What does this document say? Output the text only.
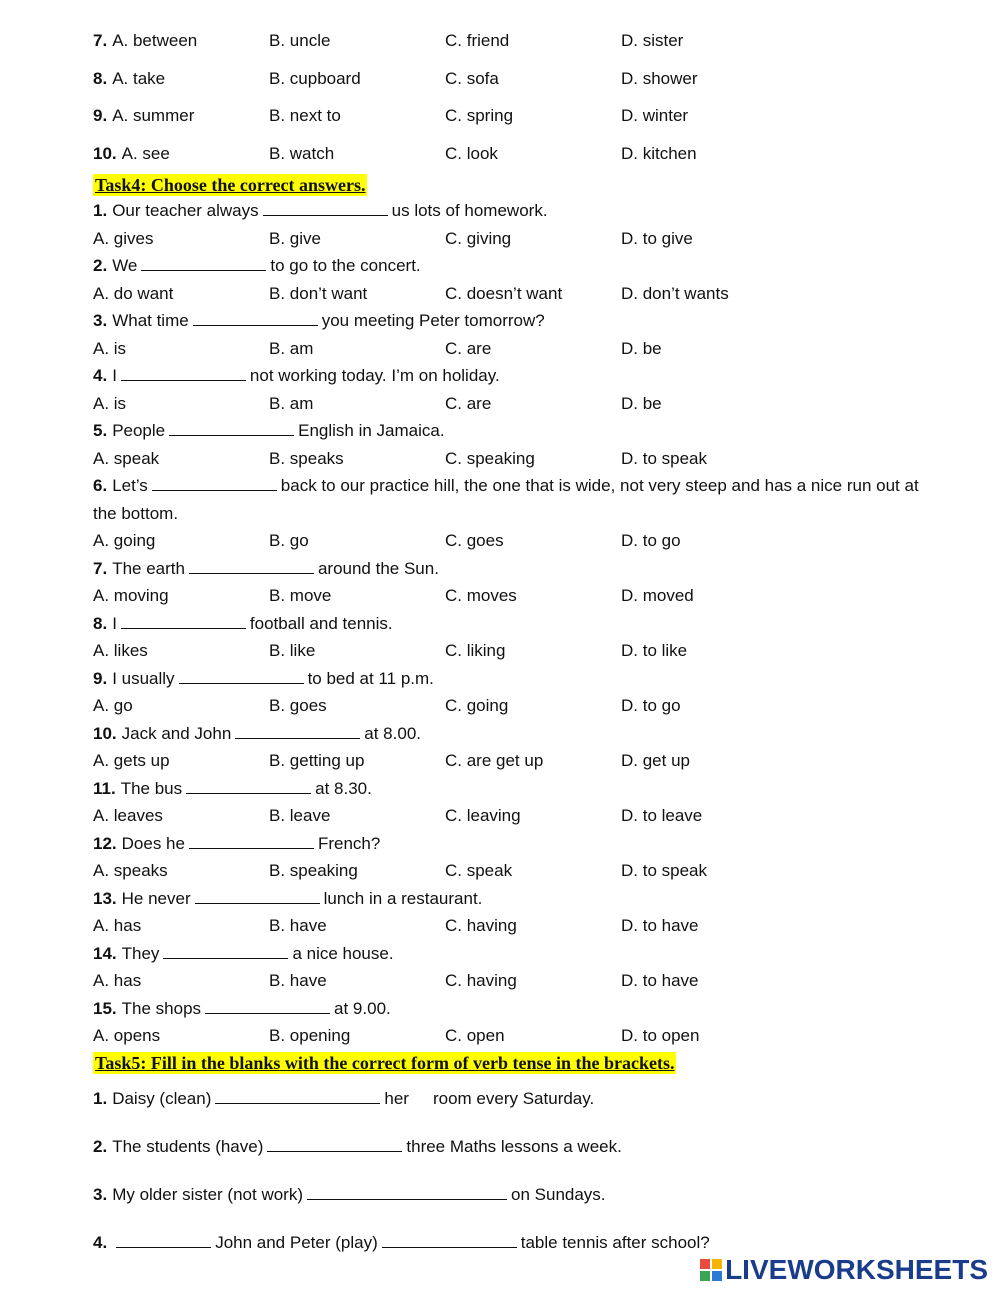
7. A. between	B. uncle	C. friend	D. sister
8. A. take	B. cupboard	C. sofa	D. shower
9. A. summer	B. next to	C. spring	D. winter
10. A. see	B. watch	C. look	D. kitchen
Task4: Choose the correct answers.
1. Our teacher always	us lots of homework.
A. gives	B. give	C. giving	D. to give
2. We	to go to the concert.
A. do want	B. don’t want	C. doesn’t want	D. don’t wants
3. What time	you meeting Peter tomorrow?
A. is	B. am	C. are	D. be
4. I	not working today. I’m on holiday.
A. is	B. am	C. are	D. be
5. People	English in Jamaica.
A. speak	B. speaks	C. speaking	D. to speak
6. Let’s	back to our practice hill, the one that is wide, not very steep and has a nice run out at the bottom.
A. going	B. go	C. goes	D. to go
7. The earth	around the Sun.
A. moving	B. move	C. moves	D. moved
8. I	football and tennis.
A. likes	B. like	C. liking	D. to like
9. I usually	to bed at 11 p.m.
A. go	B. goes	C. going	D. to go
10. Jack and John	at 8.00.
A. gets up	B. getting up	C. are get up	D. get up
11. The bus	at 8.30.
A. leaves	B. leave	C. leaving	D. to leave
12. Does he	French?
A. speaks	B. speaking	C. speak	D. to speak
13. He never	lunch in a restaurant.
A. has	B. have	C. having	D. to have
14. They	a nice house.
A. has	B. have	C. having	D. to have
15. The shops	at 9.00.
A. opens	B. opening	C. open	D. to open
Task5: Fill in the blanks with the correct form of verb tense in the brackets.
1. Daisy (clean)	her room every Saturday.
2. The students (have)	three Maths lessons a week.
3. My older sister (not work)	on Sundays.
4.	John and Peter (play)	table tennis after school?
LIVEWORKSHEETS
